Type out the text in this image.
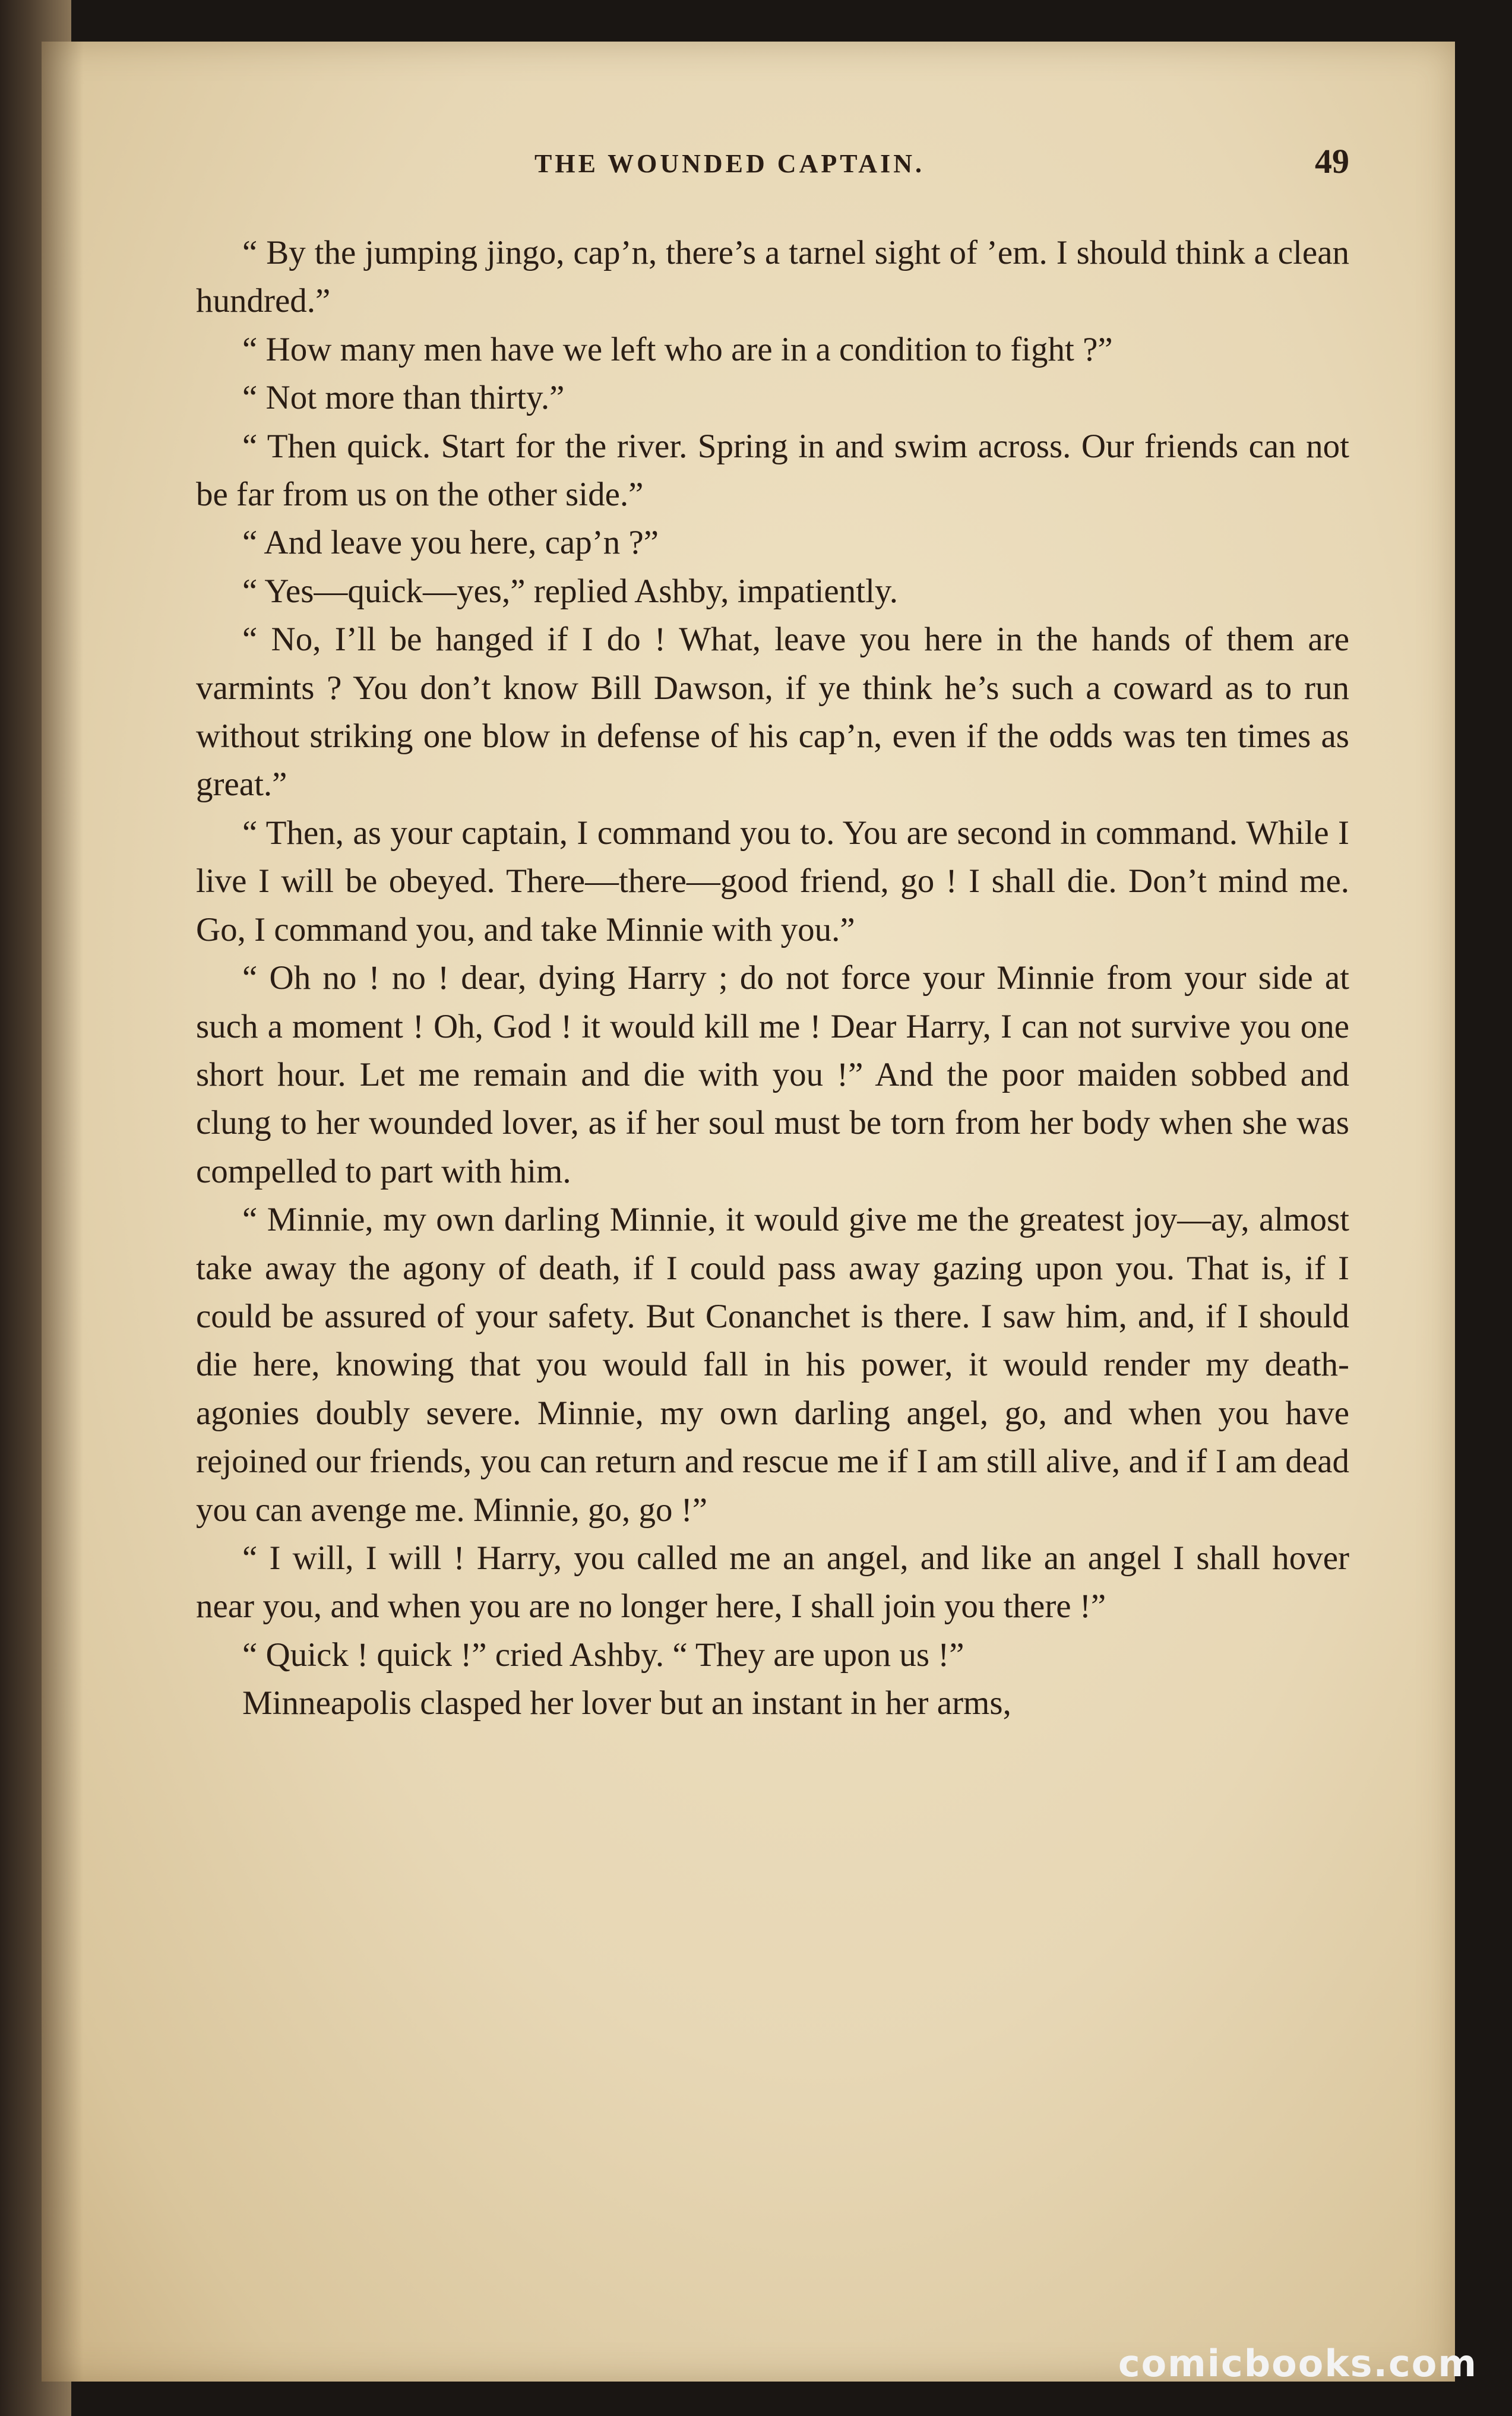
THE WOUNDED CAPTAIN.	49

“ By the jumping jingo, cap’n, there’s a tarnel sight of ’em. I should think a clean hundred.”

“ How many men have we left who are in a condition to fight ?”

“ Not more than thirty.”

“ Then quick. Start for the river. Spring in and swim across. Our friends can not be far from us on the other side.”

“ And leave you here, cap’n ?”

“ Yes—quick—yes,” replied Ashby, impatiently.

“ No, I’ll be hanged if I do ! What, leave you here in the hands of them are varmints ? You don’t know Bill Dawson, if ye think he’s such a coward as to run without striking one blow in defense of his cap’n, even if the odds was ten times as great.”

“ Then, as your captain, I command you to. You are second in command. While I live I will be obeyed. There—there—good friend, go ! I shall die. Don’t mind me. Go, I command you, and take Minnie with you.”

“ Oh no ! no ! dear, dying Harry ; do not force your Minnie from your side at such a moment ! Oh, God ! it would kill me ! Dear Harry, I can not survive you one short hour. Let me remain and die with you !” And the poor maiden sobbed and clung to her wounded lover, as if her soul must be torn from her body when she was compelled to part with him.

“ Minnie, my own darling Minnie, it would give me the greatest joy—ay, almost take away the agony of death, if I could pass away gazing upon you. That is, if I could be assured of your safety. But Conanchet is there. I saw him, and, if I should die here, knowing that you would fall in his power, it would render my death-agonies doubly severe. Minnie, my own darling angel, go, and when you have rejoined our friends, you can return and rescue me if I am still alive, and if I am dead you can avenge me. Minnie, go, go !”

“ I will, I will ! Harry, you called me an angel, and like an angel I shall hover near you, and when you are no longer here, I shall join you there !”

“ Quick ! quick !” cried Ashby. “ They are upon us !”

Minneapolis clasped her lover but an instant in her arms,

comicbooks.com
